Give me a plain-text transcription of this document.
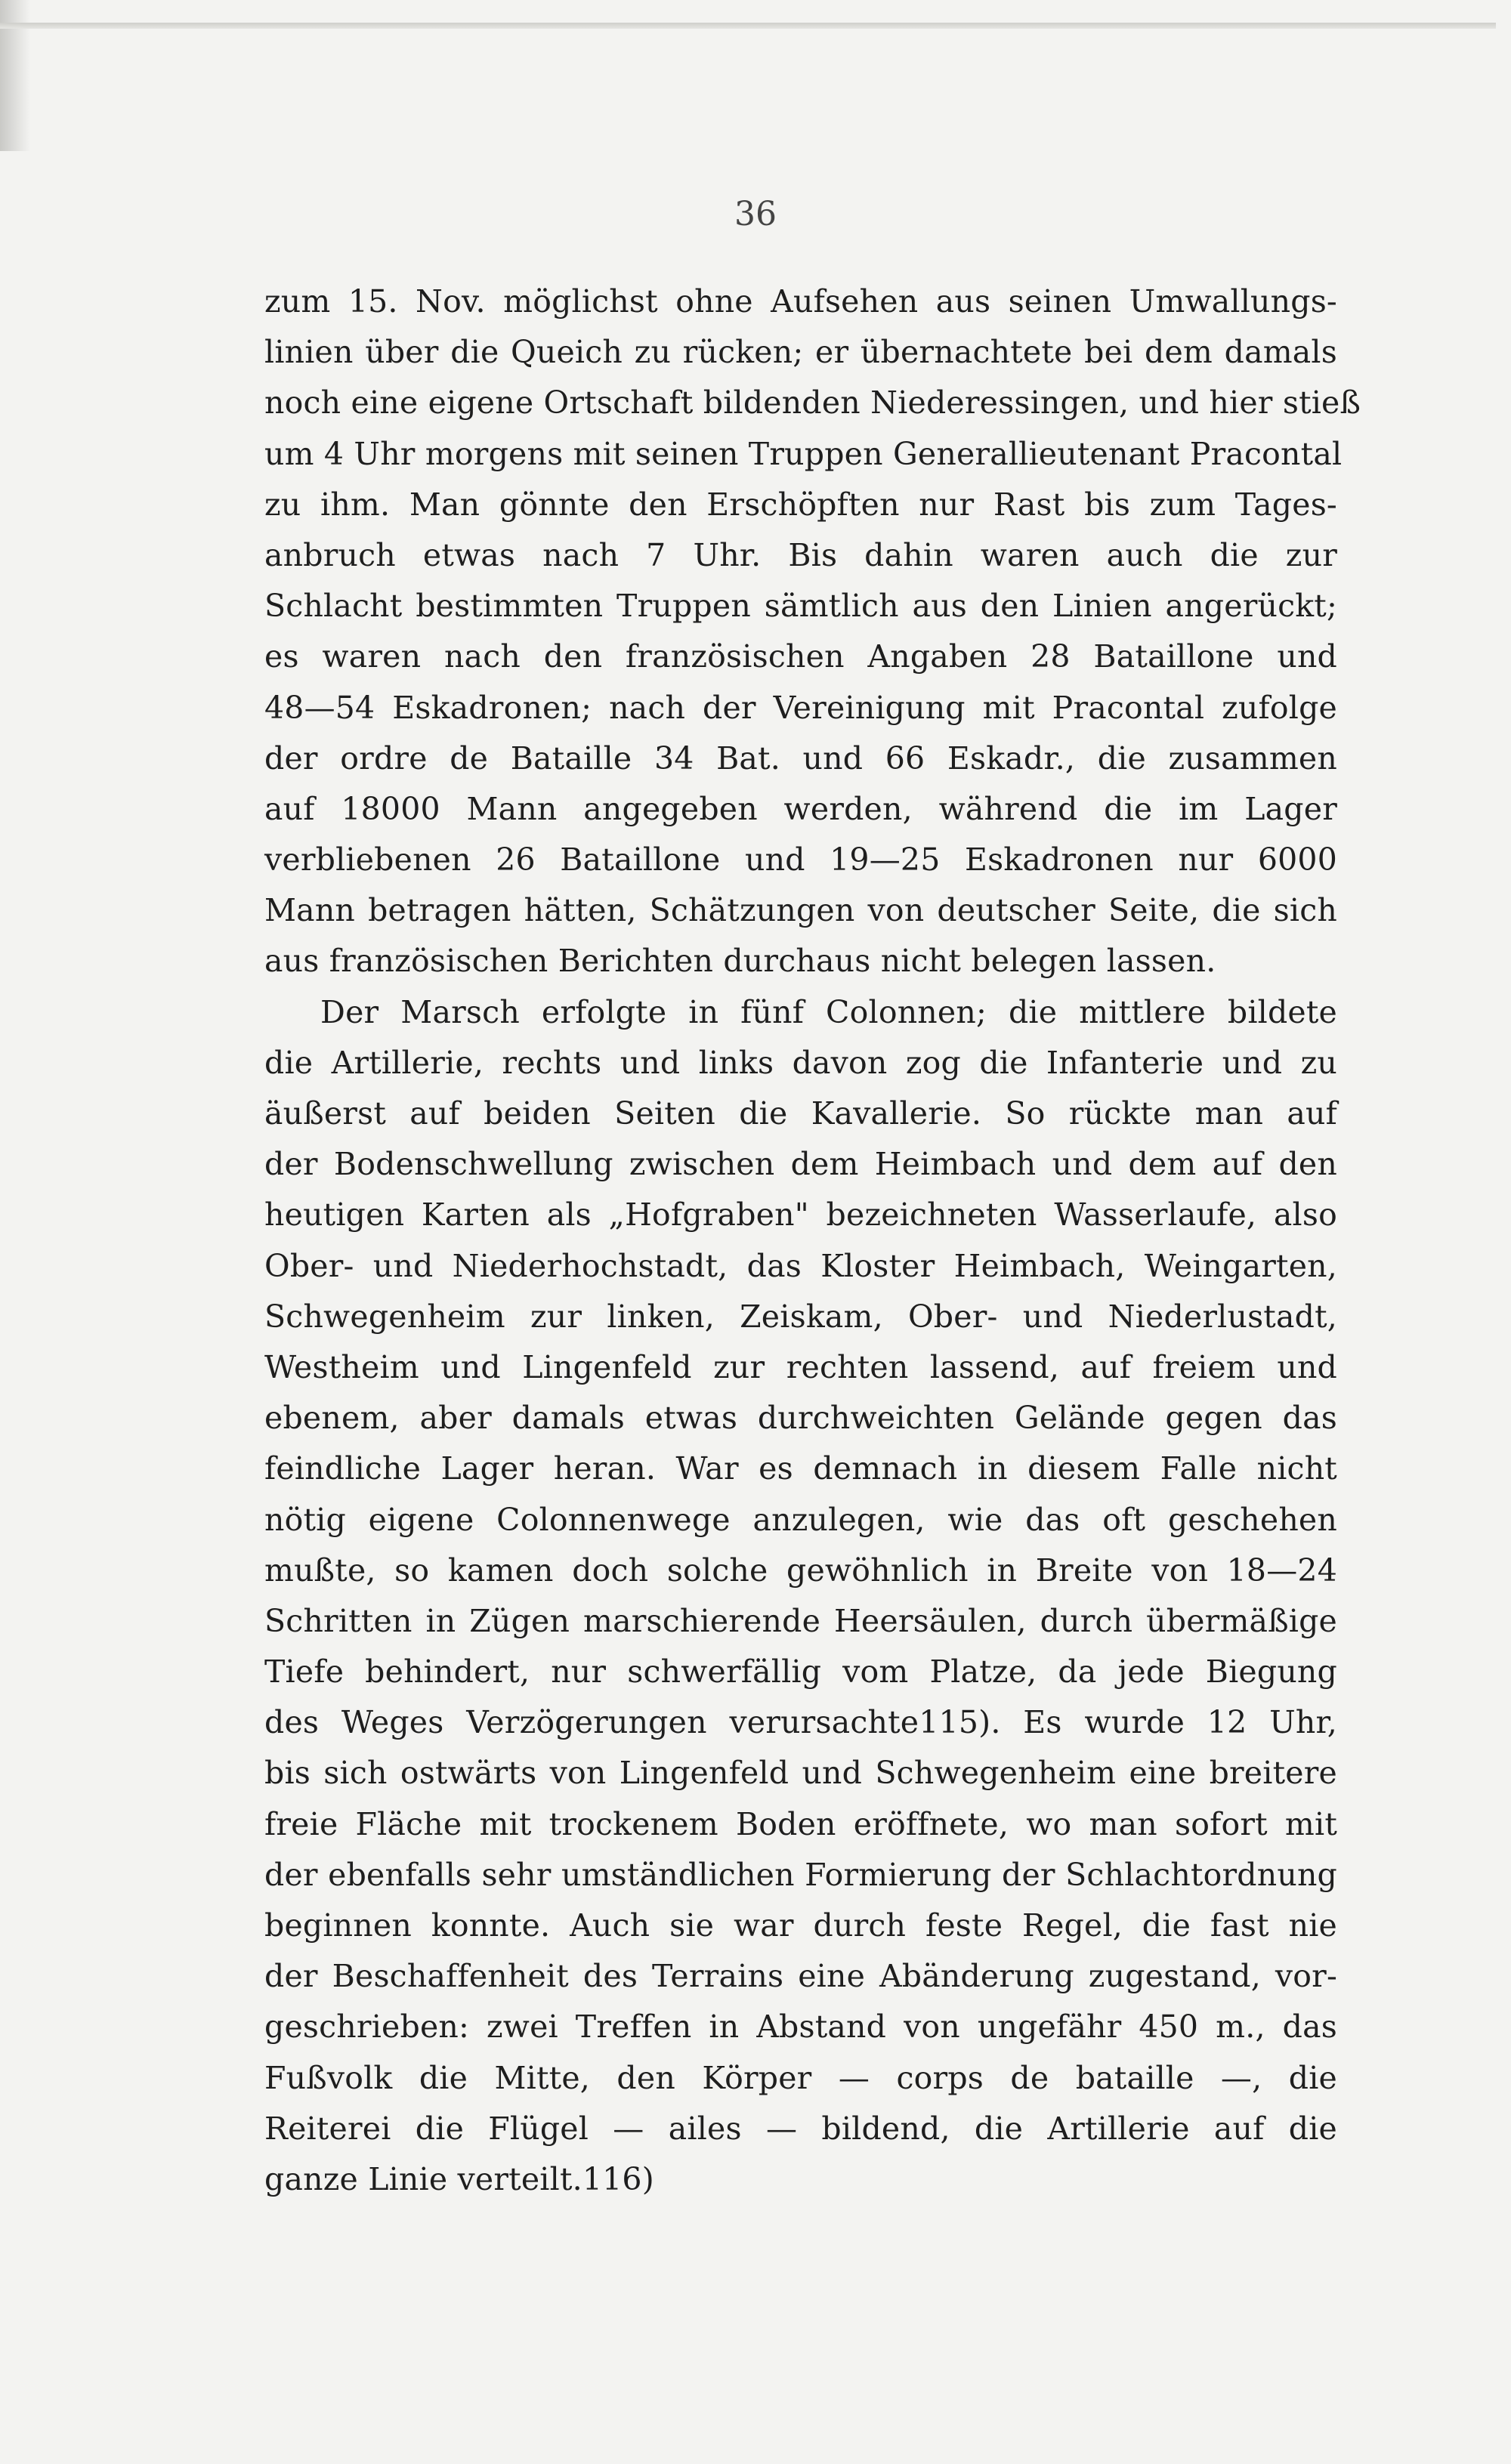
36
zum 15. Nov. möglichst ohne Aufsehen aus seinen Umwallungs-
linien über die Queich zu rücken; er übernachtete bei dem damals
noch eine eigene Ortschaft bildenden Niederessingen, und hier stieß
um 4 Uhr morgens mit seinen Truppen Generallieutenant Pracontal
zu ihm. Man gönnte den Erschöpften nur Rast bis zum Tages-
anbruch etwas nach 7 Uhr. Bis dahin waren auch die zur
Schlacht bestimmten Truppen sämtlich aus den Linien angerückt;
es waren nach den französischen Angaben 28 Bataillone und
48—54 Eskadronen; nach der Vereinigung mit Pracontal zufolge
der ordre de Bataille 34 Bat. und 66 Eskadr., die zusammen
auf 18000 Mann angegeben werden, während die im Lager
verbliebenen 26 Bataillone und 19—25 Eskadronen nur 6000
Mann betragen hätten, Schätzungen von deutscher Seite, die sich
aus französischen Berichten durchaus nicht belegen lassen.
Der Marsch erfolgte in fünf Colonnen; die mittlere bildete
die Artillerie, rechts und links davon zog die Infanterie und zu
äußerst auf beiden Seiten die Kavallerie. So rückte man auf
der Bodenschwellung zwischen dem Heimbach und dem auf den
heutigen Karten als „Hofgraben" bezeichneten Wasserlaufe, also
Ober- und Niederhochstadt, das Kloster Heimbach, Weingarten,
Schwegenheim zur linken, Zeiskam, Ober- und Niederlustadt,
Westheim und Lingenfeld zur rechten lassend, auf freiem und
ebenem, aber damals etwas durchweichten Gelände gegen das
feindliche Lager heran. War es demnach in diesem Falle nicht
nötig eigene Colonnenwege anzulegen, wie das oft geschehen
mußte, so kamen doch solche gewöhnlich in Breite von 18—24
Schritten in Zügen marschierende Heersäulen, durch übermäßige
Tiefe behindert, nur schwerfällig vom Platze, da jede Biegung
des Weges Verzögerungen verursachte115). Es wurde 12 Uhr,
bis sich ostwärts von Lingenfeld und Schwegenheim eine breitere
freie Fläche mit trockenem Boden eröffnete, wo man sofort mit
der ebenfalls sehr umständlichen Formierung der Schlachtordnung
beginnen konnte. Auch sie war durch feste Regel, die fast nie
der Beschaffenheit des Terrains eine Abänderung zugestand, vor-
geschrieben: zwei Treffen in Abstand von ungefähr 450 m., das
Fußvolk die Mitte, den Körper — corps de bataille —, die
Reiterei die Flügel — ailes — bildend, die Artillerie auf die
ganze Linie verteilt.116)
